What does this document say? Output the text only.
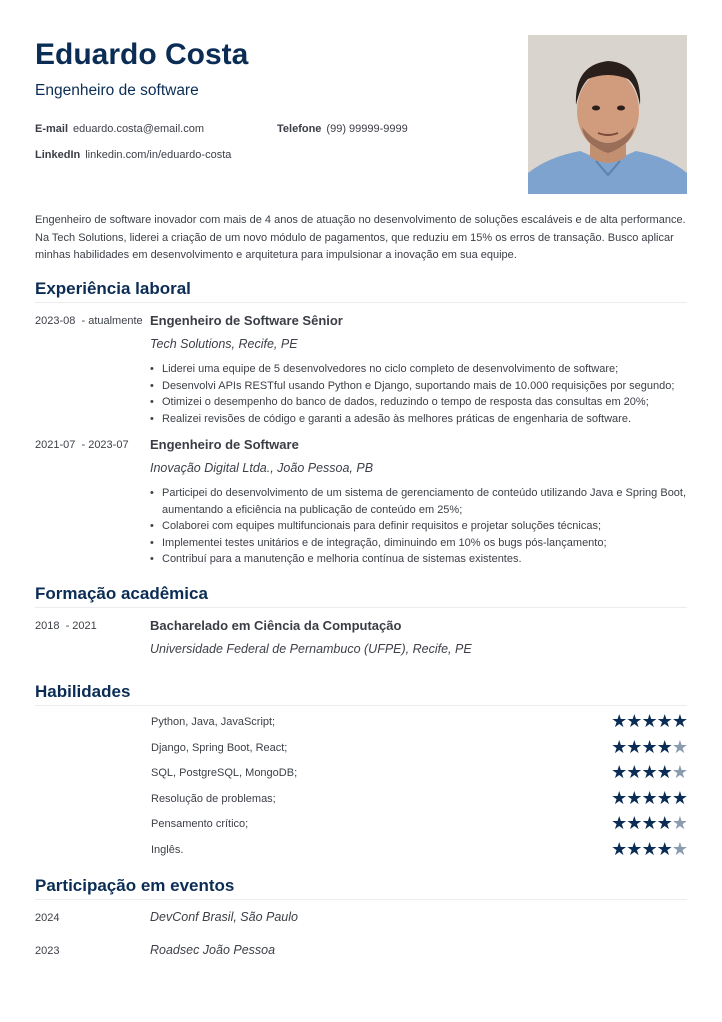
Eduardo Costa
Engenheiro de software
E-mail eduardo.costa@email.com	Telefone (99) 99999-9999
LinkedIn linkedin.com/in/eduardo-costa
Engenheiro de software inovador com mais de 4 anos de atuação no desenvolvimento de soluções escaláveis e de alta performance. Na Tech Solutions, liderei a criação de um novo módulo de pagamentos, que reduziu em 15% os erros de transação. Busco aplicar minhas habilidades em desenvolvimento e arquitetura para impulsionar a inovação em sua equipe.
Experiência laboral
2023-08  - atualmente Engenheiro de Software Sênior
Tech Solutions, Recife, PE
• Liderei uma equipe de 5 desenvolvedores no ciclo completo de desenvolvimento de software;
• Desenvolvi APIs RESTful usando Python e Django, suportando mais de 10.000 requisições por segundo;
• Otimizei o desempenho do banco de dados, reduzindo o tempo de resposta das consultas em 20%;
• Realizei revisões de código e garanti a adesão às melhores práticas de engenharia de software.
2021-07  - 2023-07 Engenheiro de Software
Inovação Digital Ltda., João Pessoa, PB
• Participei do desenvolvimento de um sistema de gerenciamento de conteúdo utilizando Java e Spring Boot, aumentando a eficiência na publicação de conteúdo em 25%;
• Colaborei com equipes multifuncionais para definir requisitos e projetar soluções técnicas;
• Implementei testes unitários e de integração, diminuindo em 10% os bugs pós-lançamento;
• Contribuí para a manutenção e melhoria contínua de sistemas existentes.
Formação acadêmica
2018  - 2021	Bacharelado em Ciência da Computação
Universidade Federal de Pernambuco (UFPE), Recife, PE
Habilidades
Python, Java, JavaScript;	★ ★ ★ ★ ★
Django, Spring Boot, React;	★ ★ ★ ★ ★
SQL, PostgreSQL, MongoDB;	★ ★ ★ ★ ★
Resolução de problemas;	★ ★ ★ ★ ★
Pensamento crítico;	★ ★ ★ ★ ★
Inglês.	★ ★ ★ ★ ★
Participação em eventos
2024	DevConf Brasil, São Paulo
2023	Roadsec João Pessoa
